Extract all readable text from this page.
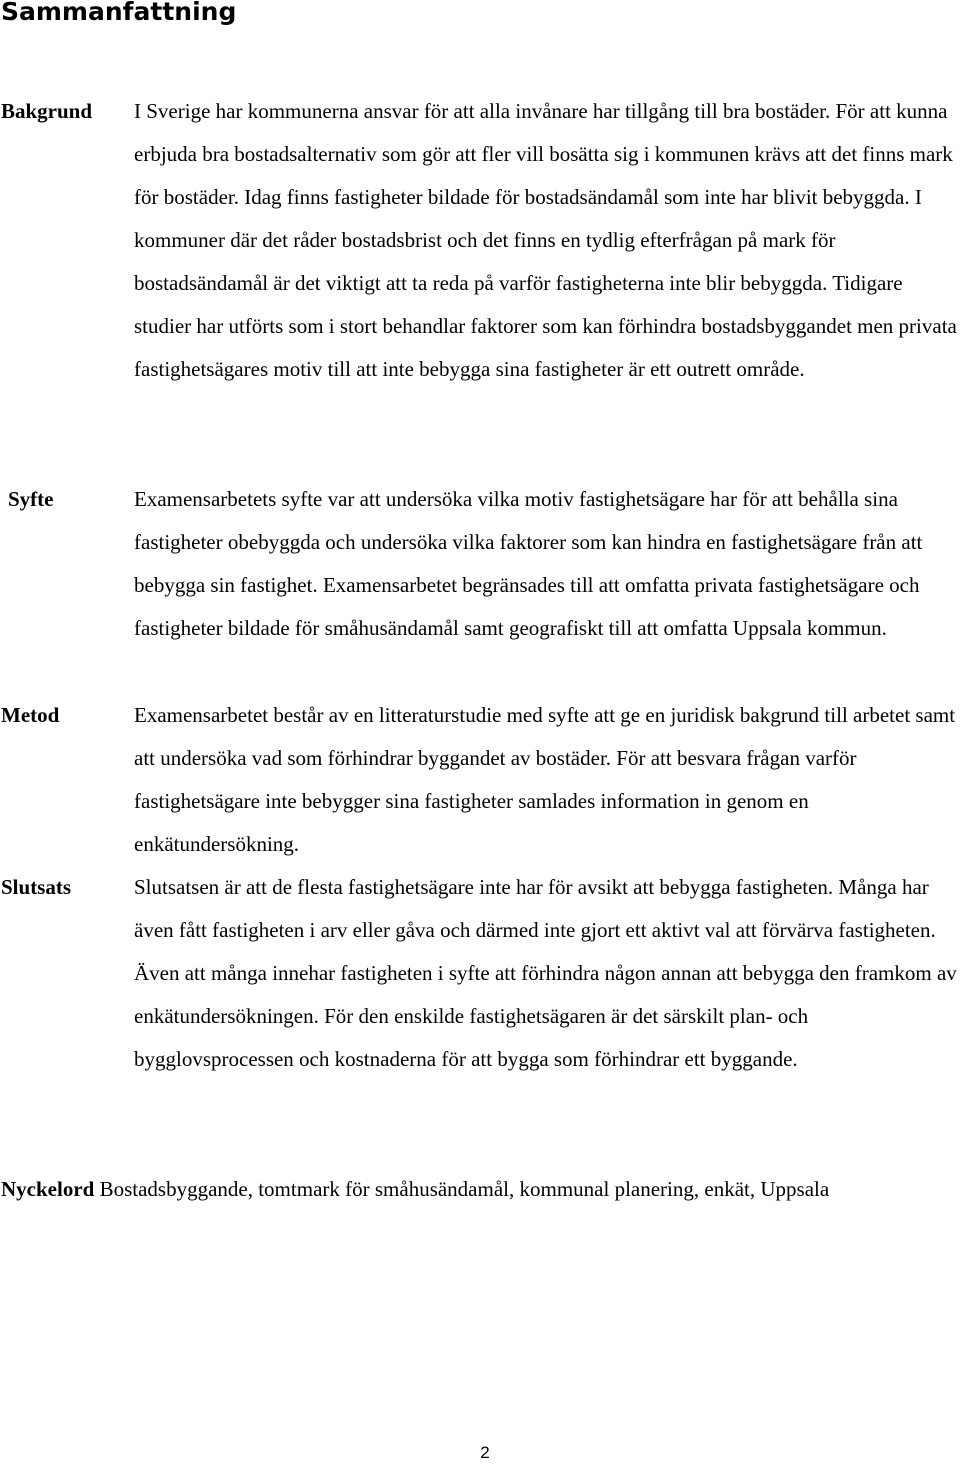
Sammanfattning
Bakgrund I Sverige har kommunerna ansvar för att alla invånare har tillgång till bra bostäder. För att kunna erbjuda bra bostadsalternativ som gör att fler vill bosätta sig i kommunen krävs att det finns mark för bostäder. Idag finns fastigheter bildade för bostadsändamål som inte har blivit bebyggda. I kommuner där det råder bostadsbrist och det finns en tydlig efterfrågan på mark för bostadsändamål är det viktigt att ta reda på varför fastigheterna inte blir bebyggda. Tidigare studier har utförts som i stort behandlar faktorer som kan förhindra bostadsbyggandet men privata fastighetsägares motiv till att inte bebygga sina fastigheter är ett outrett område.

Syfte	Examensarbetets syfte var att undersöka vilka motiv fastighetsägare har för att behålla sina fastigheter obebyggda och undersöka vilka faktorer som kan hindra en fastighetsägare från att bebygga sin fastighet. Examensarbetet begränsades till att omfatta privata fastighetsägare och fastigheter bildade för småhusändamål samt geografiskt till att omfatta Uppsala kommun.

Metod	Examensarbetet består av en litteraturstudie med syfte att ge en juridisk bakgrund till arbetet samt att undersöka vad som förhindrar byggandet av bostäder. För att besvara frågan varför fastighetsägare inte bebygger sina fastigheter samlades information in genom en enkätundersökning.

Slutsats	Slutsatsen är att de flesta fastighetsägare inte har för avsikt att bebygga fastigheten. Många har även fått fastigheten i arv eller gåva och därmed inte gjort ett aktivt val att förvärva fastigheten. Även att många innehar fastigheten i syfte att förhindra någon annan att bebygga den framkom av enkätundersökningen. För den enskilde fastighetsägaren är det särskilt plan- och bygglovsprocessen och kostnaderna för att bygga som förhindrar ett byggande.

Nyckelord Bostadsbyggande, tomtmark för småhusändamål, kommunal planering, enkät, Uppsala

2
